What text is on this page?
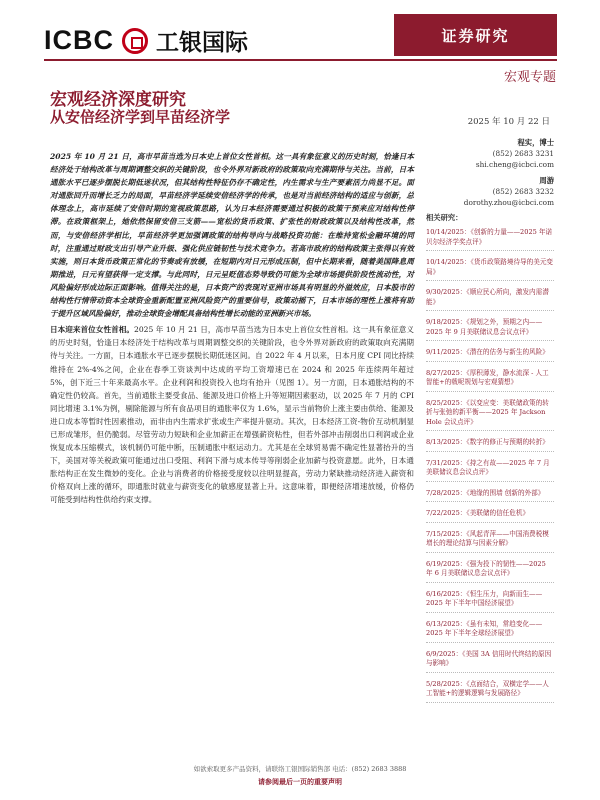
ICBC 工银国际	证券研究
宏观专题
宏观经济深度研究
从安倍经济学到早苗经济学	2025 年 10 月 22 日

2025 年 10 月 21 日，高市早苗当选为日本史上首位女性首相。这一具有象征意义的历史时刻，恰逢日本经济处于结构改革与周期调整交织的关键阶段，也令外界对新政府的政策取向充满期待与关注。当前，日本通胀水平已逐步摆脱长期低迷状况，但其结构性特征仍存不确定性，内生需求与生产要素活力尚显不足。面对通胀回升而增长乏力的局面，早苗经济学延续安倍经济学的传承，也是对当前经济结构的适应与创新，总体理念上，高市延续了安倍时期的宽视政策思路，认为日本经济需要通过积极的政策干预来应对结构性停滞。在政策框架上，她依然保留安倍三支箭——宽松的货币政策、扩张性的财政政策以及结构性改革，然而，与安倍经济学相比，早苗经济学更加强调政策的结构导向与战略投资功能：在维持宽松金融环境的同时，注重通过财政支出引导产业升级、强化供应链韧性与技术竞争力。若高市政府的结构政策主张得以有效实施，则日本货币政策正常化的节奏或有放缓，在短期内对日元形成压制，但中长期来看，随着美国降息周期推进，日元有望获得一定支撑。与此同时，日元呈贬值态势导致仍可能为全球市场提供阶段性流动性，对风险偏好形成边际正面影响。值得关注的是，日本资产的表现对亚洲市场具有明显的外溢效应，日本股市的结构性行情带动资本全球资金重新配置亚洲风险资产的重要信号，政策动摇下，日本市场的理性上涨将有助于提升区域风险偏好，推动全球资金增配具备结构性增长动能的亚洲新兴市场。

日本迎来首位女性首相。2025 年 10 月 21 日，高市早苗当选为日本史上首位女性首相。这一具有象征意义的历史时刻，恰逢日本经济处于结构改革与周期调整交织的关键阶段，也令外界对新政府的政策取向充满期待与关注。一方面，日本通胀水平已逐步摆脱长期低迷区间。自 2022 年 4 月以来，日本月度 CPI 同比持续维持在 2%-4%之间，企业在春季工资谈判中达成的平均工资增速已在 2024 和 2025 年连续两年超过 5%，创下近三十年来最高水平。企业利润和投资投入也均有抬升（见图 1）。另一方面，日本通胀结构的不确定性仍较高。首先，当前通胀主要受食品、能源及进口价格上升等短期因素驱动，以 2025 年 7 月的 CPI 同比增速 3.1%为例，剔除能源与所有食品项目的通胀率仅为 1.6%，显示当前物价上涨主要由供给、能源及进口成本等暂时性因素推动，而非由内生需求扩张或生产率提升驱动。其次，日本经济工资-物价互动机制显已形成雏形，但仍脆弱。尽管劳动力短缺和企业加薪正在增强薪资粘性，但若外部冲击削弱出口利润或企业恢复成本压缩模式，该机制仍可能中断，压制通胀中枢运动力。尤其是在全球贸易需不确定性显著抬升的当下，美国对等关税政策可能通过出口受阻、利润下滑与成本传导等削弱企业加薪与投资意愿。此外，日本通胀结构正在发生微妙的变化。企业与消费者的价格接受度较以往明显提高，劳动力紧缺推动经济进入薪资和价格双向上涨的循环，即通胀时就业与薪资变化的敏感度显著上升。这意味着，即便经济增速放缓，价格仍可能受到结构性供给约束支撑。

程实，博士
(852) 2683 3231
shi.cheng@icbci.com
周游
(852) 2683 3232
dorothy.zhou@icbci.com
相关研究：
10/14/2025：《创新的力量——2025 年诺贝尔经济学奖点评》
10/14/2025：《货币政策路境待导的美元变局》
9/30/2025：《顺应民心所向，激发内需潜能》
9/18/2025：《规划之外，预期之内——2025 年 9 月美联储议息会议点评》
9/11/2025：《潜在的估务与新生的风险》
8/27/2025：《厚积薄发，静水流深 - 人工智能+的戟呢规划与宏观猜想》
8/25/2025：《以变应变：美联储政策的转折与张弛的新平衡——2025 年 Jackson Hole 会议点评》
8/13/2025：《数字的修正与预期的转折》
7/31/2025：《持之有故——2025 年 7 月美联储议息会议点评》
7/28/2025：《地缘的围墙 创新的外部》
7/22/2025：《美联储的信任危机》
7/15/2025：《风起青萍——中国消费税模增长的理论结算与因素分解》
6/19/2025：《强为投下的韧性——2025 年 6 月美联储议息会议点评》
6/16/2025：《恒生压力，向新而生——2025 年下半年中国经济展望》
6/13/2025：《虽有未知，常趋变化——2025 年下半年全球经济展望》
6/9/2025：《美国 3A 信用时代终结的原因与影响》
5/28/2025：《点面结合，双横定学——人工智能+的逻辑逻辑与发展路径》
如欲索取更多产品资料，请联络工银国际销售部 电话：(852) 2683 3888
请参阅最后一页的重要声明
